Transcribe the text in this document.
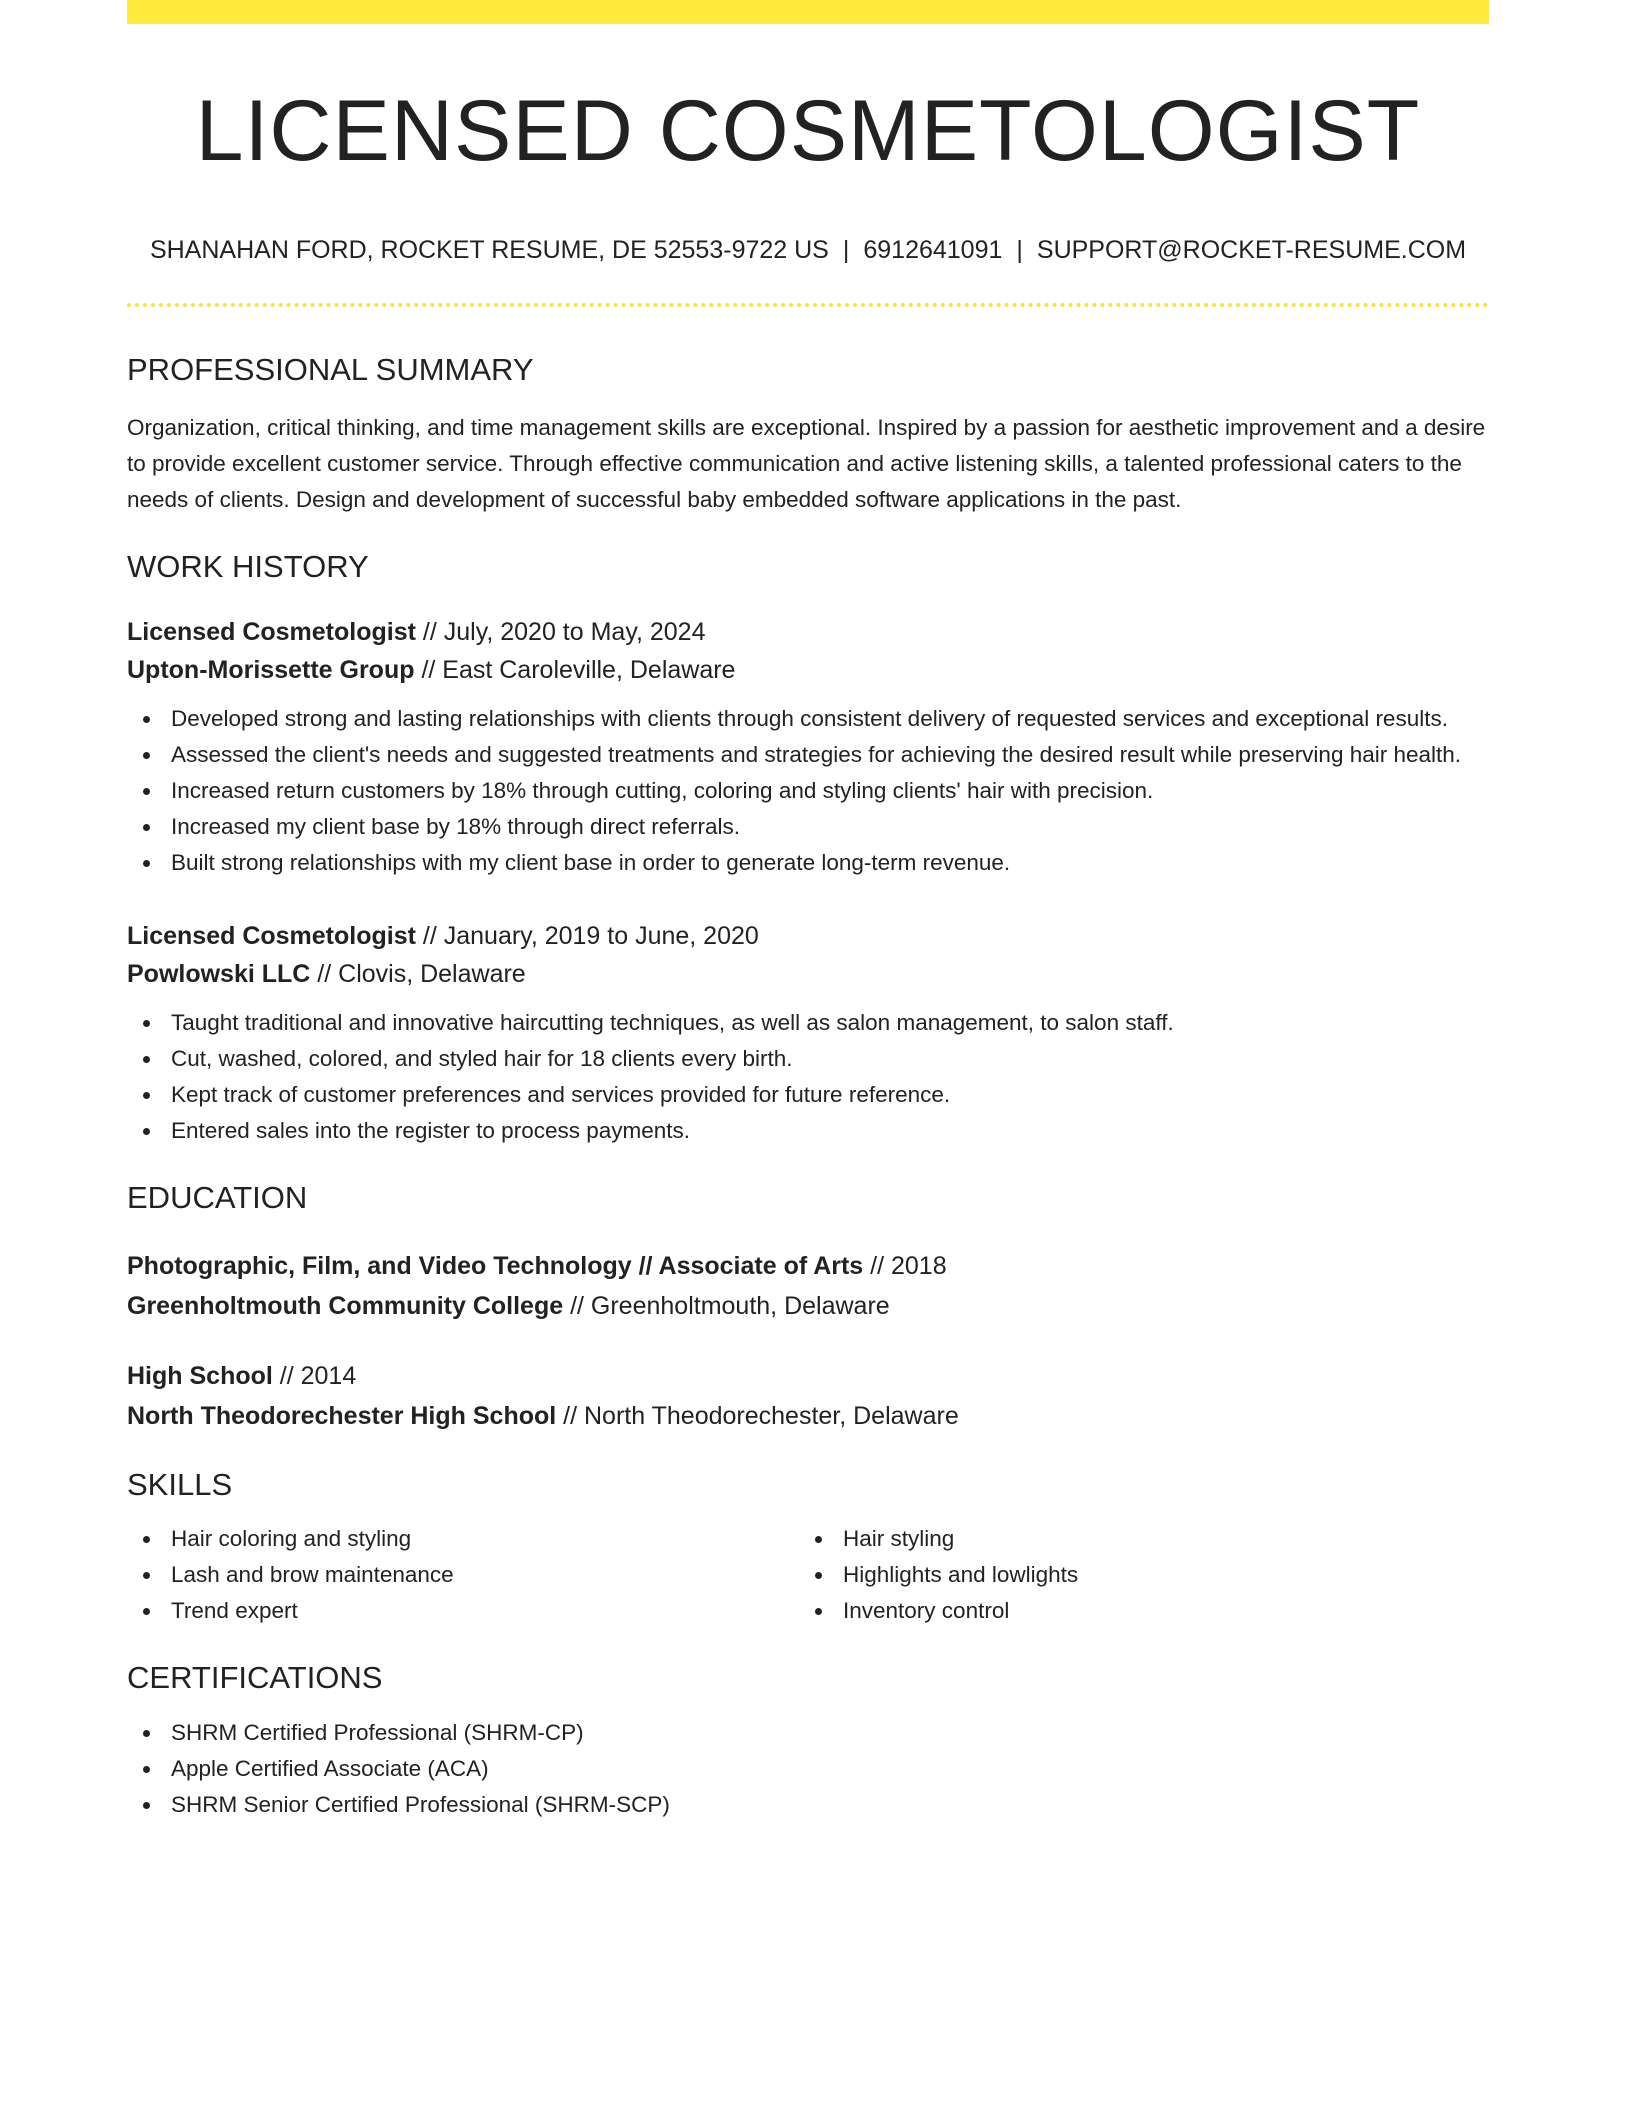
LICENSED COSMETOLOGIST
SHANAHAN FORD, ROCKET RESUME, DE 52553-9722 US | 6912641091 | SUPPORT@ROCKET-RESUME.COM
PROFESSIONAL SUMMARY

Organization, critical thinking, and time management skills are exceptional. Inspired by a passion for aesthetic improvement and a desire to provide excellent customer service. Through effective communication and active listening skills, a talented professional caters to the needs of clients. Design and development of successful baby embedded software applications in the past.

WORK HISTORY
Licensed Cosmetologist // July, 2020 to May, 2024
Upton-Morissette Group // East Caroleville, Delaware
Developed strong and lasting relationships with clients through consistent delivery of requested services and exceptional results.
Assessed the client's needs and suggested treatments and strategies for achieving the desired result while preserving hair health.
Increased return customers by 18% through cutting, coloring and styling clients' hair with precision.
Increased my client base by 18% through direct referrals.
Built strong relationships with my client base in order to generate long-term revenue.
Licensed Cosmetologist // January, 2019 to June, 2020
Powlowski LLC // Clovis, Delaware
Taught traditional and innovative haircutting techniques, as well as salon management, to salon staff.
Cut, washed, colored, and styled hair for 18 clients every birth.
Kept track of customer preferences and services provided for future reference.
Entered sales into the register to process payments.
EDUCATION
Photographic, Film, and Video Technology // Associate of Arts // 2018
Greenholtmouth Community College // Greenholtmouth, Delaware
High School // 2014
North Theodorechester High School // North Theodorechester, Delaware
SKILLS
Hair coloring and styling
Lash and brow maintenance
Trend expert
Hair styling
Highlights and lowlights
Inventory control
CERTIFICATIONS
SHRM Certified Professional (SHRM-CP)
Apple Certified Associate (ACA)
SHRM Senior Certified Professional (SHRM-SCP)
